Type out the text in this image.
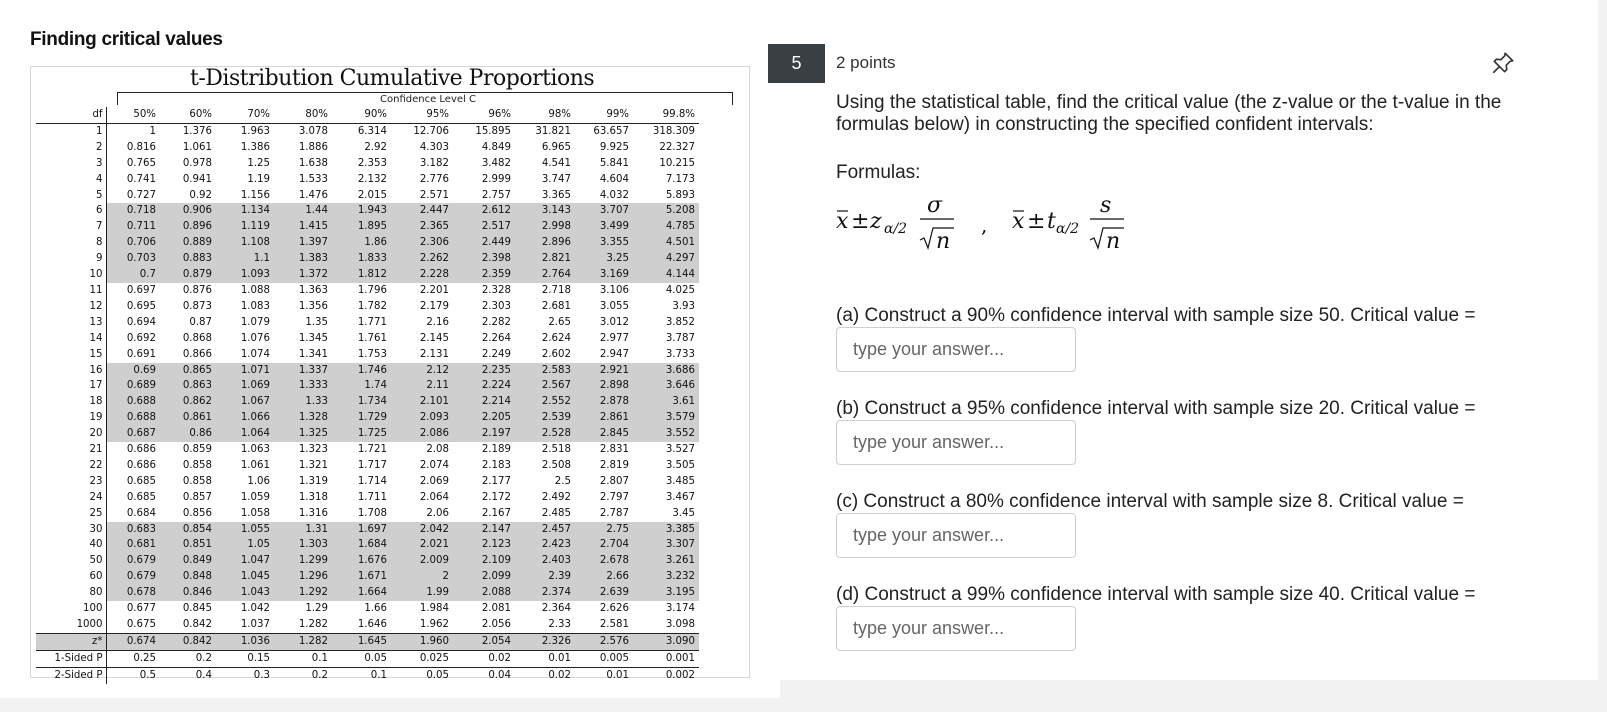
Finding critical values
t-Distribution Cumulative Proportions
Confidence Level C
df	50%	60%	70%	80%	90%	95%	96%	98%	99%	99.8%
1	1	1.376	1.963	3.078	6.314	12.706	15.895	31.821	63.657	318.309
2	0.816	1.061	1.386	1.886	2.92	4.303	4.849	6.965	9.925	22.327
3	0.765	0.978	1.25	1.638	2.353	3.182	3.482	4.541	5.841	10.215
4	0.741	0.941	1.19	1.533	2.132	2.776	2.999	3.747	4.604	7.173
5	0.727	0.92	1.156	1.476	2.015	2.571	2.757	3.365	4.032	5.893
6	0.718	0.906	1.134	1.44	1.943	2.447	2.612	3.143	3.707	5.208
7	0.711	0.896	1.119	1.415	1.895	2.365	2.517	2.998	3.499	4.785
8	0.706	0.889	1.108	1.397	1.86	2.306	2.449	2.896	3.355	4.501
9	0.703	0.883	1.1	1.383	1.833	2.262	2.398	2.821	3.25	4.297
10	0.7	0.879	1.093	1.372	1.812	2.228	2.359	2.764	3.169	4.144
11	0.697	0.876	1.088	1.363	1.796	2.201	2.328	2.718	3.106	4.025
12	0.695	0.873	1.083	1.356	1.782	2.179	2.303	2.681	3.055	3.93
13	0.694	0.87	1.079	1.35	1.771	2.16	2.282	2.65	3.012	3.852
14	0.692	0.868	1.076	1.345	1.761	2.145	2.264	2.624	2.977	3.787
15	0.691	0.866	1.074	1.341	1.753	2.131	2.249	2.602	2.947	3.733
16	0.69	0.865	1.071	1.337	1.746	2.12	2.235	2.583	2.921	3.686
17	0.689	0.863	1.069	1.333	1.74	2.11	2.224	2.567	2.898	3.646
18	0.688	0.862	1.067	1.33	1.734	2.101	2.214	2.552	2.878	3.61
19	0.688	0.861	1.066	1.328	1.729	2.093	2.205	2.539	2.861	3.579
20	0.687	0.86	1.064	1.325	1.725	2.086	2.197	2.528	2.845	3.552
21	0.686	0.859	1.063	1.323	1.721	2.08	2.189	2.518	2.831	3.527
22	0.686	0.858	1.061	1.321	1.717	2.074	2.183	2.508	2.819	3.505
23	0.685	0.858	1.06	1.319	1.714	2.069	2.177	2.5	2.807	3.485
24	0.685	0.857	1.059	1.318	1.711	2.064	2.172	2.492	2.797	3.467
25	0.684	0.856	1.058	1.316	1.708	2.06	2.167	2.485	2.787	3.45
30	0.683	0.854	1.055	1.31	1.697	2.042	2.147	2.457	2.75	3.385
40	0.681	0.851	1.05	1.303	1.684	2.021	2.123	2.423	2.704	3.307
50	0.679	0.849	1.047	1.299	1.676	2.009	2.109	2.403	2.678	3.261
60	0.679	0.848	1.045	1.296	1.671	2	2.099	2.39	2.66	3.232
80	0.678	0.846	1.043	1.292	1.664	1.99	2.088	2.374	2.639	3.195
100	0.677	0.845	1.042	1.29	1.66	1.984	2.081	2.364	2.626	3.174
1000	0.675	0.842	1.037	1.282	1.646	1.962	2.056	2.33	2.581	3.098
z*	0.674	0.842	1.036	1.282	1.645	1.960	2.054	2.326	2.576	3.090
1-Sided P	0.25	0.2	0.15	0.1	0.05	0.025	0.02	0.01	0.005	0.001
2-Sided P	0.5	0.4	0.3	0.2	0.1	0.05	0.04	0.02	0.01	0.002
5	2 points
Using the statistical table, find the critical value (the z-value or the t-value in the formulas below) in constructing the specified confident intervals:
Formulas:
x ± z α/2
σ
n
, x ± t α/2
s
n
(a) Construct a 90% confidence interval with sample size 50. Critical value =
type your answer...
(b) Construct a 95% confidence interval with sample size 20. Critical value =
type your answer...
(c) Construct a 80% confidence interval with sample size 8. Critical value =
type your answer...
(d) Construct a 99% confidence interval with sample size 40. Critical value =
type your answer...
